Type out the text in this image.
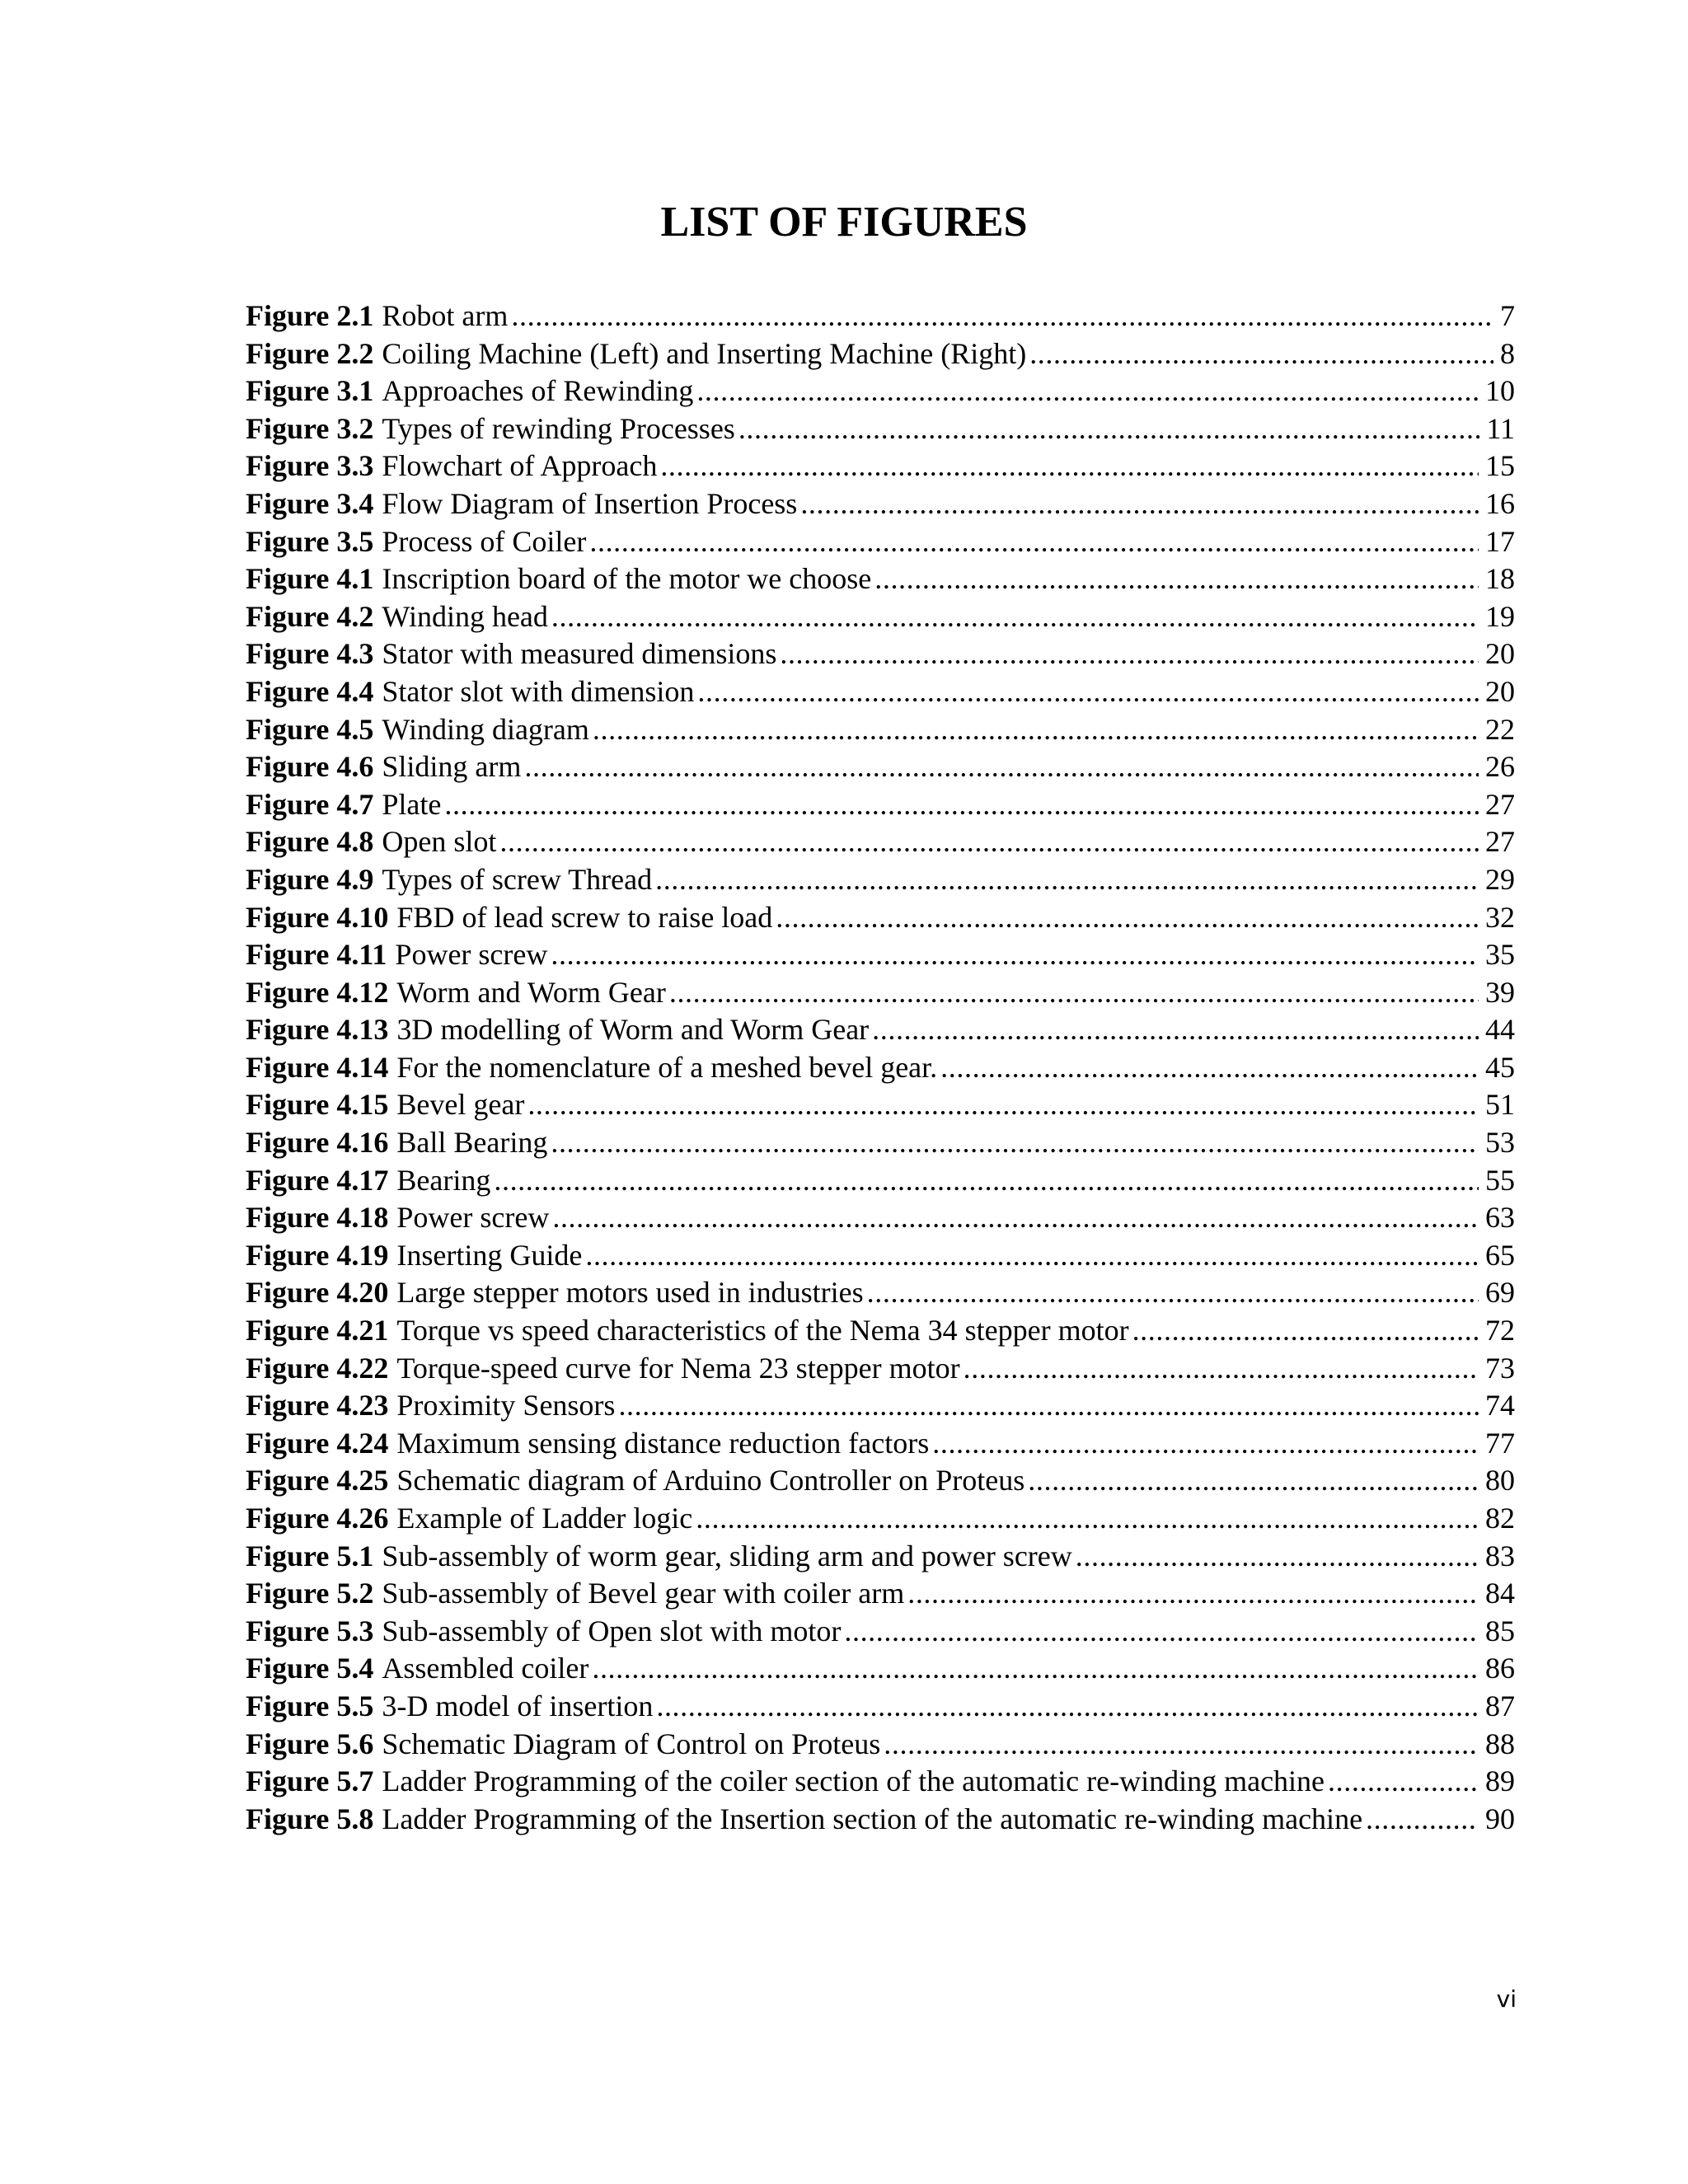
LIST OF FIGURES
Figure 2.1 Robot arm .....	7
Figure 2.2 Coiling Machine (Left) and Inserting Machine (Right) .....	8
Figure 3.1 Approaches of Rewinding .....	10
Figure 3.2 Types of rewinding Processes .....	11
Figure 3.3 Flowchart of Approach .....	15
Figure 3.4 Flow Diagram of Insertion Process .....	16
Figure 3.5 Process of Coiler .....	17
Figure 4.1 Inscription board of the motor we choose .....	18
Figure 4.2 Winding head .....	19
Figure 4.3 Stator with measured dimensions .....	20
Figure 4.4 Stator slot with dimension .....	20
Figure 4.5 Winding diagram .....	22
Figure 4.6 Sliding arm .....	26
Figure 4.7 Plate .....	27
Figure 4.8 Open slot .....	27
Figure 4.9 Types of screw Thread .....	29
Figure 4.10 FBD of lead screw to raise load .....	32
Figure 4.11 Power screw .....	35
Figure 4.12 Worm and Worm Gear .....	39
Figure 4.13 3D modelling of Worm and Worm Gear .....	44
Figure 4.14 For the nomenclature of a meshed bevel gear. .....	45
Figure 4.15 Bevel gear .....	51
Figure 4.16 Ball Bearing .....	53
Figure 4.17 Bearing .....	55
Figure 4.18 Power screw .....	63
Figure 4.19 Inserting Guide .....	65
Figure 4.20 Large stepper motors used in industries .....	69
Figure 4.21 Torque vs speed characteristics of the Nema 34 stepper motor .....	72
Figure 4.22 Torque-speed curve for Nema 23 stepper motor .....	73
Figure 4.23 Proximity Sensors .....	74
Figure 4.24 Maximum sensing distance reduction factors .....	77
Figure 4.25 Schematic diagram of Arduino Controller on Proteus .....	80
Figure 4.26 Example of Ladder logic .....	82
Figure 5.1 Sub-assembly of worm gear, sliding arm and power screw .....	83
Figure 5.2 Sub-assembly of Bevel gear with coiler arm .....	84
Figure 5.3 Sub-assembly of Open slot with motor .....	85
Figure 5.4 Assembled coiler .....	86
Figure 5.5 3-D model of insertion .....	87
Figure 5.6 Schematic Diagram of Control on Proteus .....	88
Figure 5.7 Ladder Programming of the coiler section of the automatic re-winding machine .....	89
Figure 5.8 Ladder Programming of the Insertion section of the automatic re-winding machine .....	90
vi
